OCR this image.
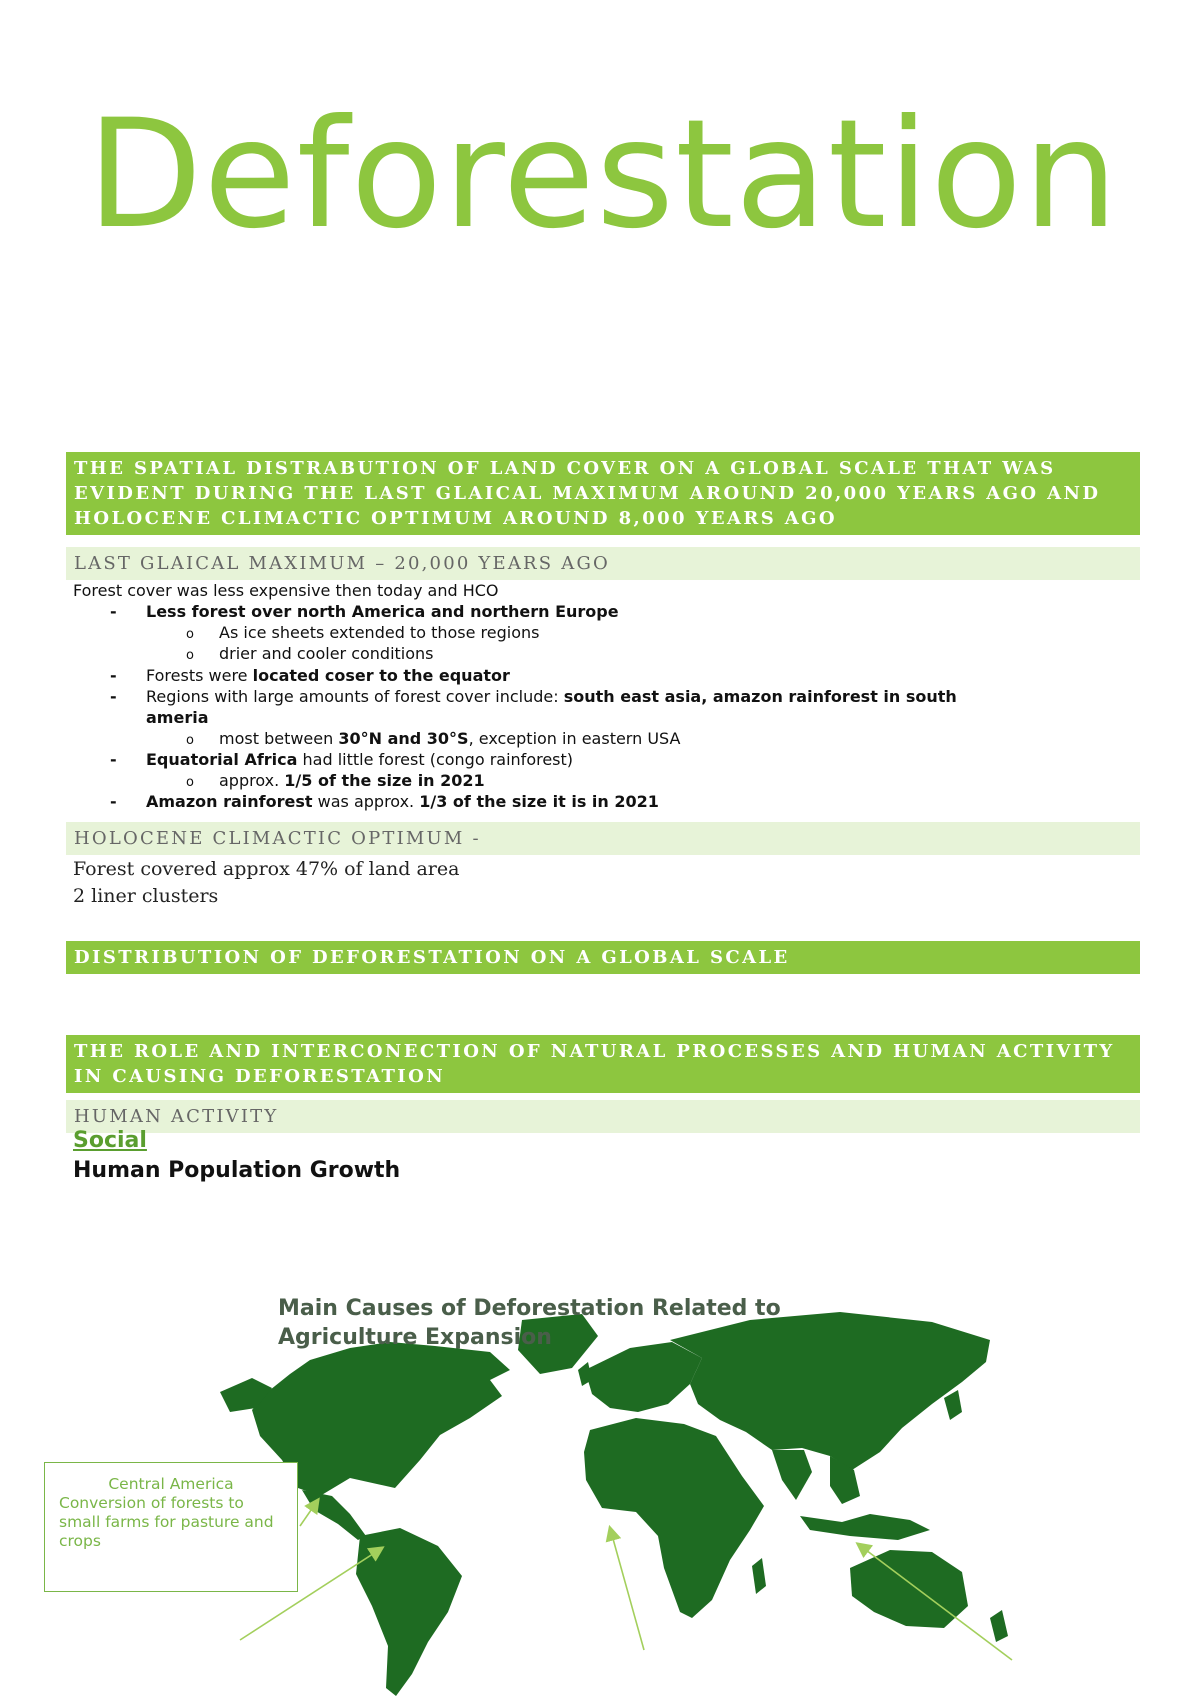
Deforestation
THE SPATIAL DISTRABUTION OF LAND COVER ON A GLOBAL SCALE THAT WAS EVIDENT DURING THE LAST GLAICAL MAXIMUM AROUND 20,000 YEARS AGO AND HOLOCENE CLIMACTIC OPTIMUM AROUND 8,000 YEARS AGO
LAST GLAICAL MAXIMUM – 20,000 YEARS AGO
Forest cover was less expensive then today and HCO
- Less forest over north America and northern Europe
o As ice sheets extended to those regions
o drier and cooler conditions
- Forests were located coser to the equator
- Regions with large amounts of forest cover include: south east asia, amazon rainforest in south
ameria
o most between 30°N and 30°S, exception in eastern USA
- Equatorial Africa had little forest (congo rainforest)
o approx. 1/5 of the size in 2021
- Amazon rainforest was approx. 1/3 of the size it is in 2021
HOLOCENE CLIMACTIC OPTIMUM -
Forest covered approx 47% of land area
2 liner clusters
DISTRIBUTION OF DEFORESTATION ON A GLOBAL SCALE
THE ROLE AND INTERCONECTION OF NATURAL PROCESSES AND HUMAN ACTIVITY
IN CAUSING DEFORESTATION
HUMAN ACTIVITY
Social
Human Population Growth
Main Causes of Deforestation Related to
Agriculture Expansion
Central America
Conversion of forests to small farms for pasture and crops
